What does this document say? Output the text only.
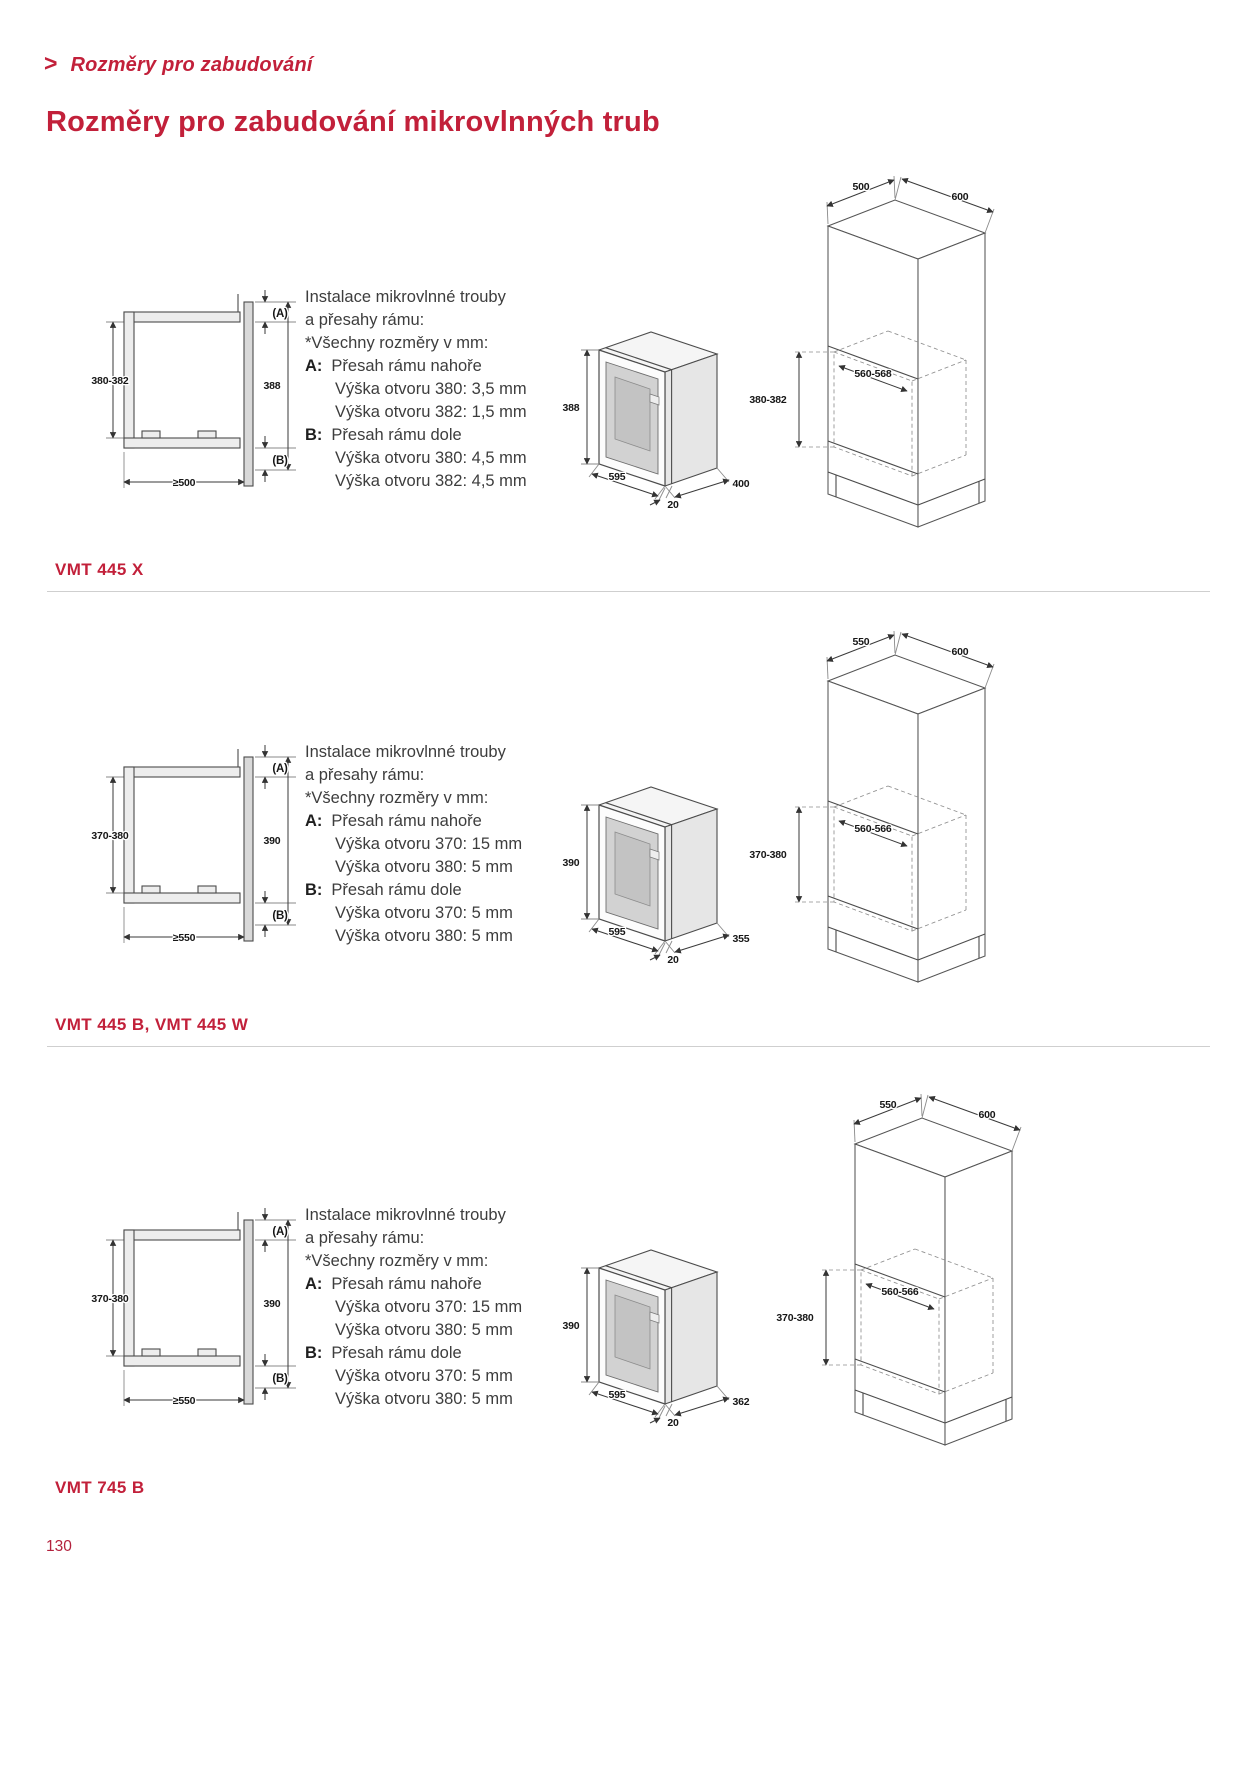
> Rozměry pro zabudování
Rozměry pro zabudování mikrovlnných trub
380-382	388
(A)
(B)
≥500
Instalace mikrovlnné trouby
a přesahy rámu:
*Všechny rozměry v mm:
A: Přesah rámu nahoře
Výška otvoru 380: 3,5 mm
Výška otvoru 382: 1,5 mm
B: Přesah rámu dole
Výška otvoru 380: 4,5 mm
Výška otvoru 382: 4,5 mm
388
595
400
20
380-382
560-568
500
600
VMT 445 X
370-380	390
(A)
(B)
≥550
Instalace mikrovlnné trouby
a přesahy rámu:
*Všechny rozměry v mm:
A: Přesah rámu nahoře
Výška otvoru 370: 15 mm
Výška otvoru 380: 5 mm
B: Přesah rámu dole
Výška otvoru 370: 5 mm
Výška otvoru 380: 5 mm
390
595
355
20
370-380
560-566
550
600
VMT 445 B, VMT 445 W
370-380	390
(A)
(B)
≥550
Instalace mikrovlnné trouby
a přesahy rámu:
*Všechny rozměry v mm:
A: Přesah rámu nahoře
Výška otvoru 370: 15 mm
Výška otvoru 380: 5 mm
B: Přesah rámu dole
Výška otvoru 370: 5 mm
Výška otvoru 380: 5 mm
390
595
362
20
370-380
560-566
550
600
VMT 745 B
130
